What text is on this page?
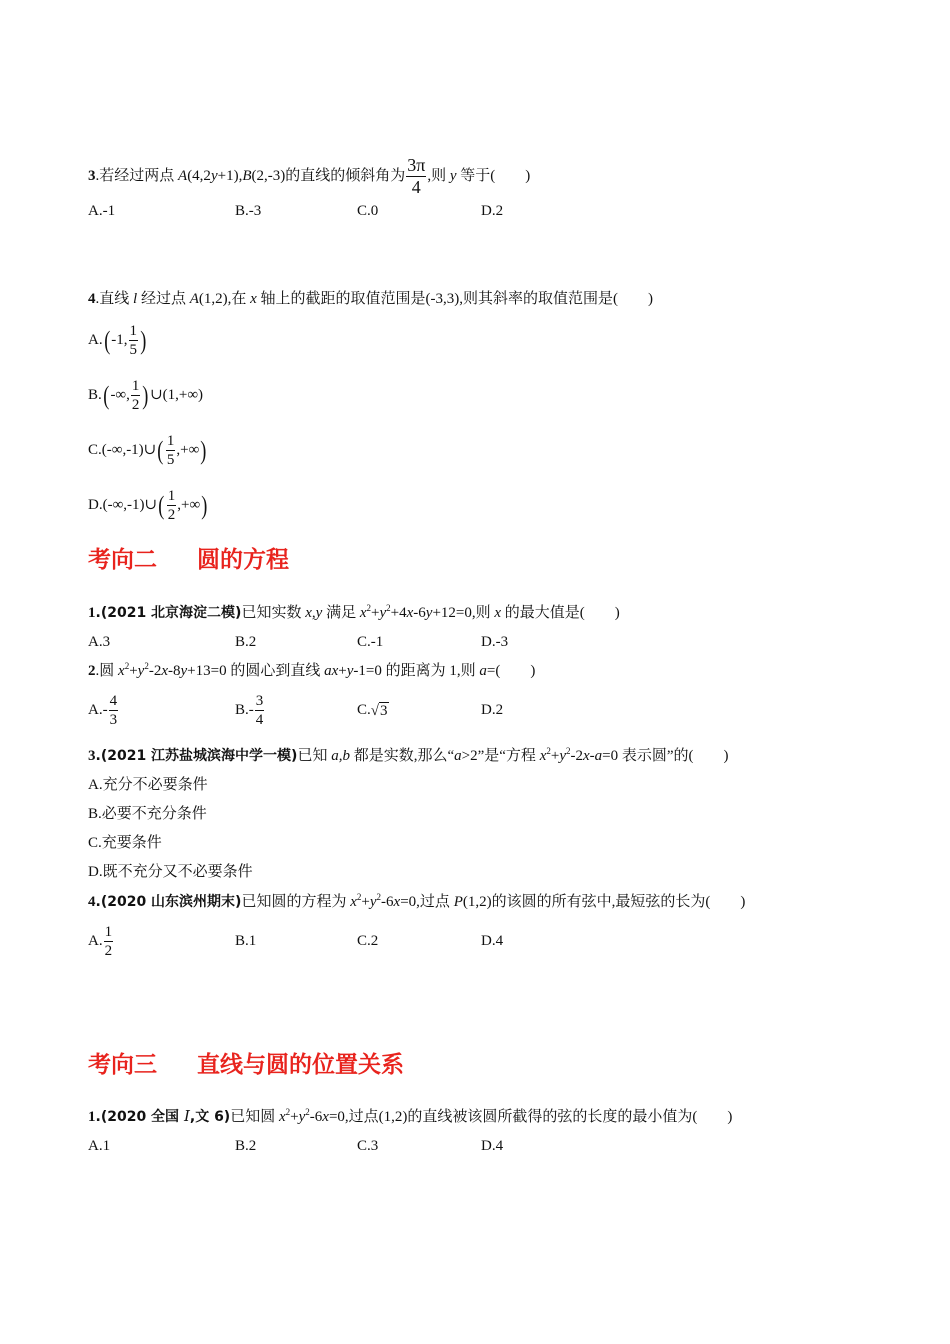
3.若经过两点 A(4,2y+1),B(2,-3)的直线的倾斜角为 $\frac{3\pi}{4}$ ,则 y 等于( )
A.-1	B.-3	C.0	D.2
4.直线 l 经过点 A(1,2),在 x 轴上的截距的取值范围是(-3,3),则其斜率的取值范围是( )
A.(-1, $\frac{1}{5}$ )
B.(-∞, $\frac{1}{2}$ )∪(1,+∞)
C.(-∞,-1)∪( $\frac{1}{5}$ ,+∞)
D.(-∞,-1)∪( $\frac{1}{2}$ ,+∞)
考向二 圆的方程
1.(2021 北京海淀二模)已知实数 x,y 满足 $x^2+y^2+4x-6y+12=0$,则 x 的最大值是( )
A.3	B.2	C.-1	D.-3
2.圆 $x^2+y^2-2x-8y+13=0$ 的圆心到直线 ax+y-1=0 的距离为 1,则 a=( )
$A.- \frac{4}{3}$	$B.- \frac{3}{4}$	C.√3	D.2
3.(2021 江苏盐城滨海中学一模)已知 a,b 都是实数,那么“a>2”是“方程 $x^2+y^2-2x-a=0$ 表示圆”的( )
A.充分不必要条件
B.必要不充分条件
C.充要条件
D.既不充分又不必要条件
4.(2020 山东滨州期末)已知圆的方程为 $x^2+y^2-6x=0$,过点 P(1,2)的该圆的所有弦中,最短弦的长为( )
A. $\frac{1}{2}$	B.1	C.2	D.4
考向三 直线与圆的位置关系
1.(2020 全国 Ⅰ,文 6)已知圆 $x^2+y^2-6x=0$,过点(1,2)的直线被该圆所截得的弦的长度的最小值为( )
A.1	B.2	C.3	D.4
